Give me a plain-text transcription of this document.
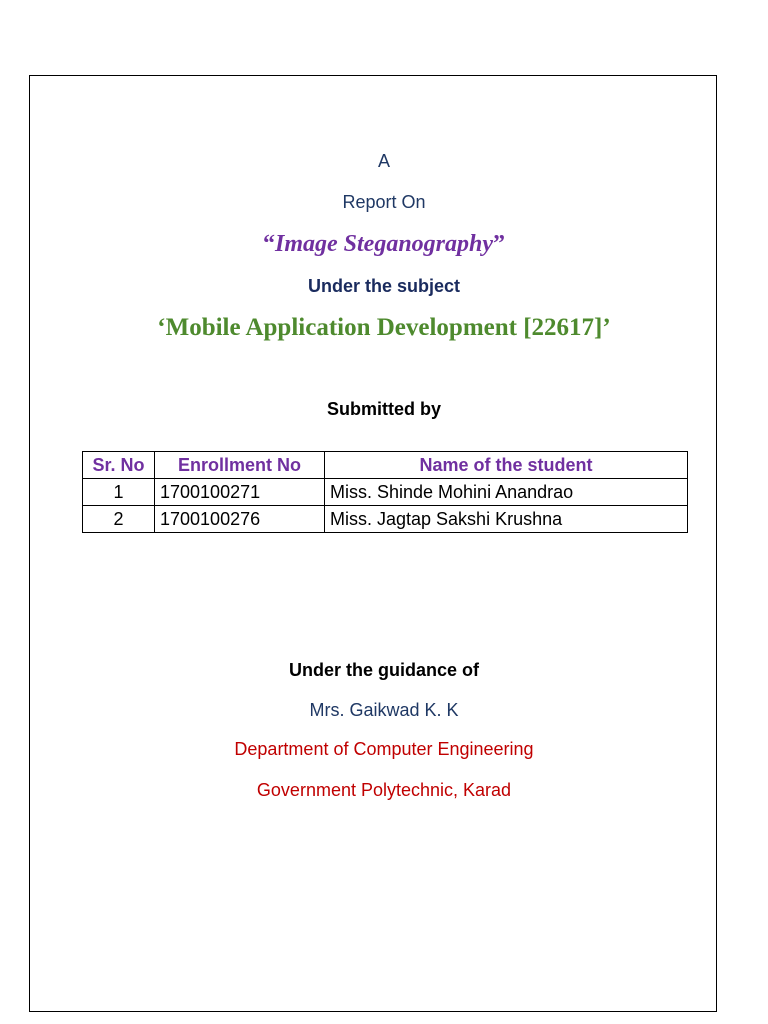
A
Report On
“Image Steganography”
Under the subject
‘Mobile Application Development [22617]’
Submitted by
Sr. No	Enrollment No	Name of the student
1	1700100271	Miss. Shinde Mohini Anandrao
2	1700100276	Miss. Jagtap Sakshi Krushna
Under the guidance of
Mrs. Gaikwad K. K
Department of Computer Engineering
Government Polytechnic, Karad
